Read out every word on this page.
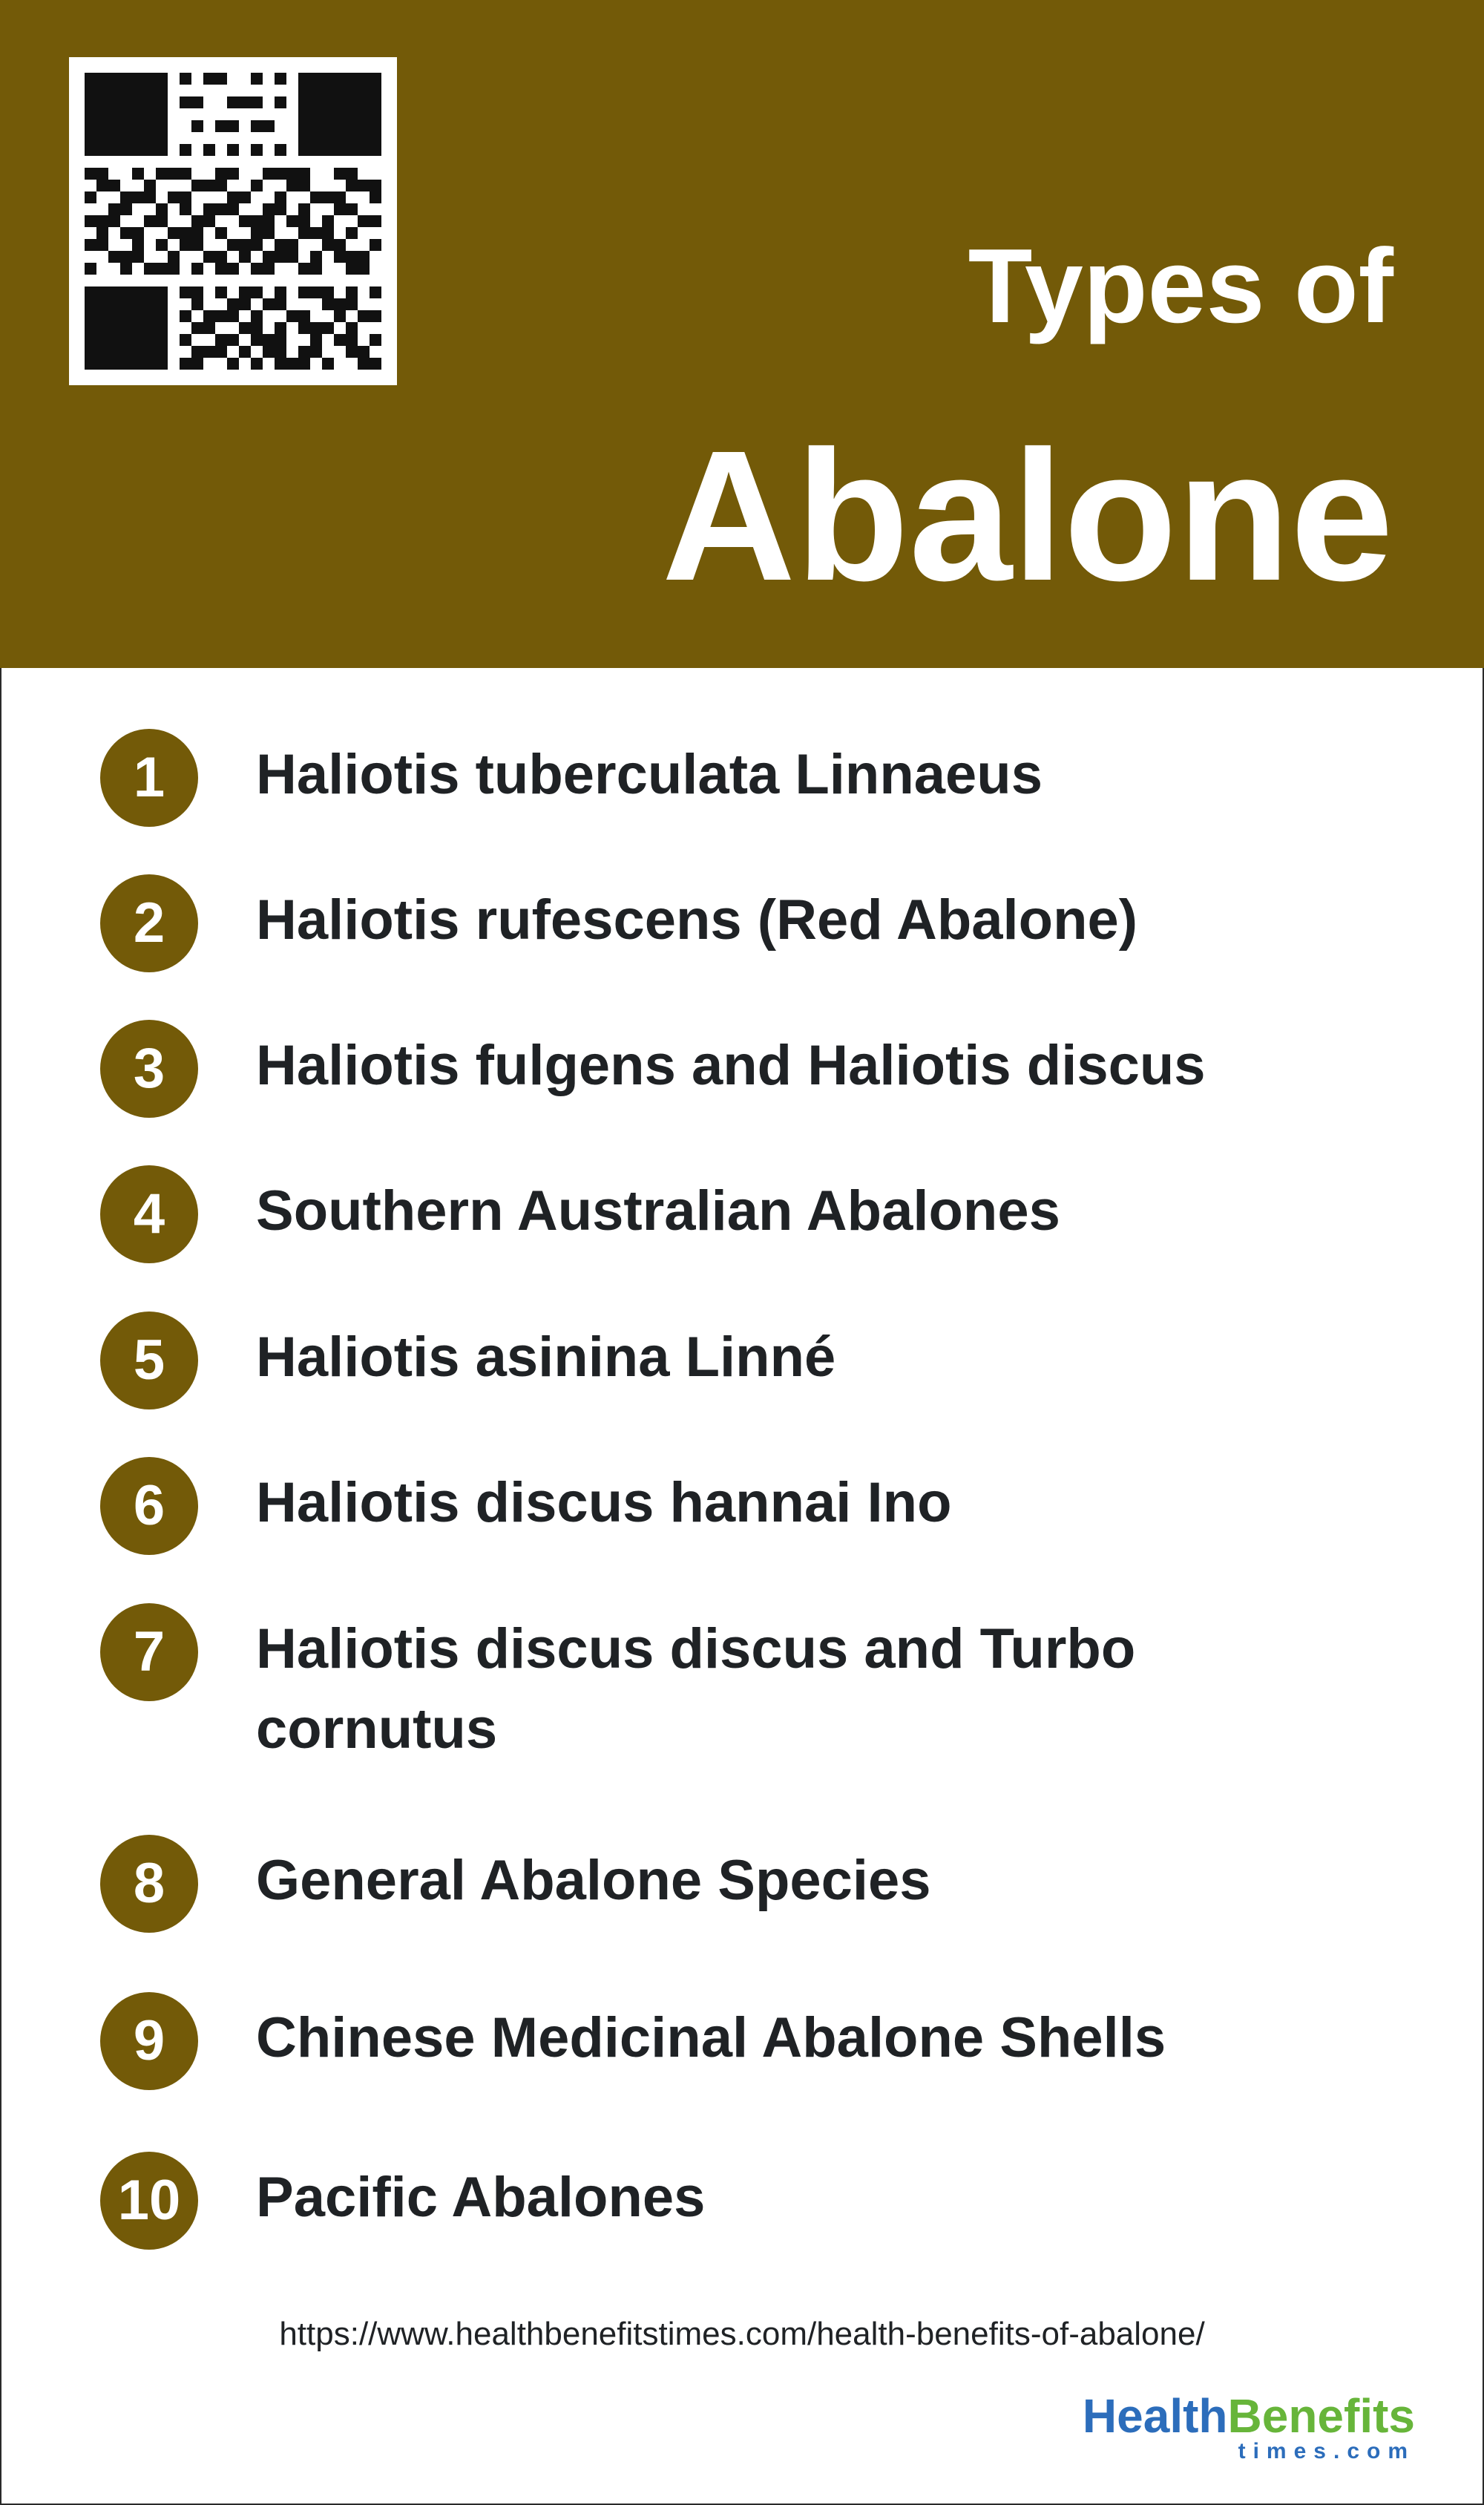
Types of
Abalone
1	Haliotis tuberculata Linnaeus
2	Haliotis rufescens (Red Abalone)
3	Haliotis fulgens and Haliotis discus
4	Southern Australian Abalones
5	Haliotis asinina Linné
6	Haliotis discus hannai Ino
7	Haliotis discus discus and Turbo cornutus
8	General Abalone Species
9	Chinese Medicinal Abalone Shells
10	Pacific Abalones
https://www.healthbenefitstimes.com/health-benefits-of-abalone/
HealthBenefits
times.com
